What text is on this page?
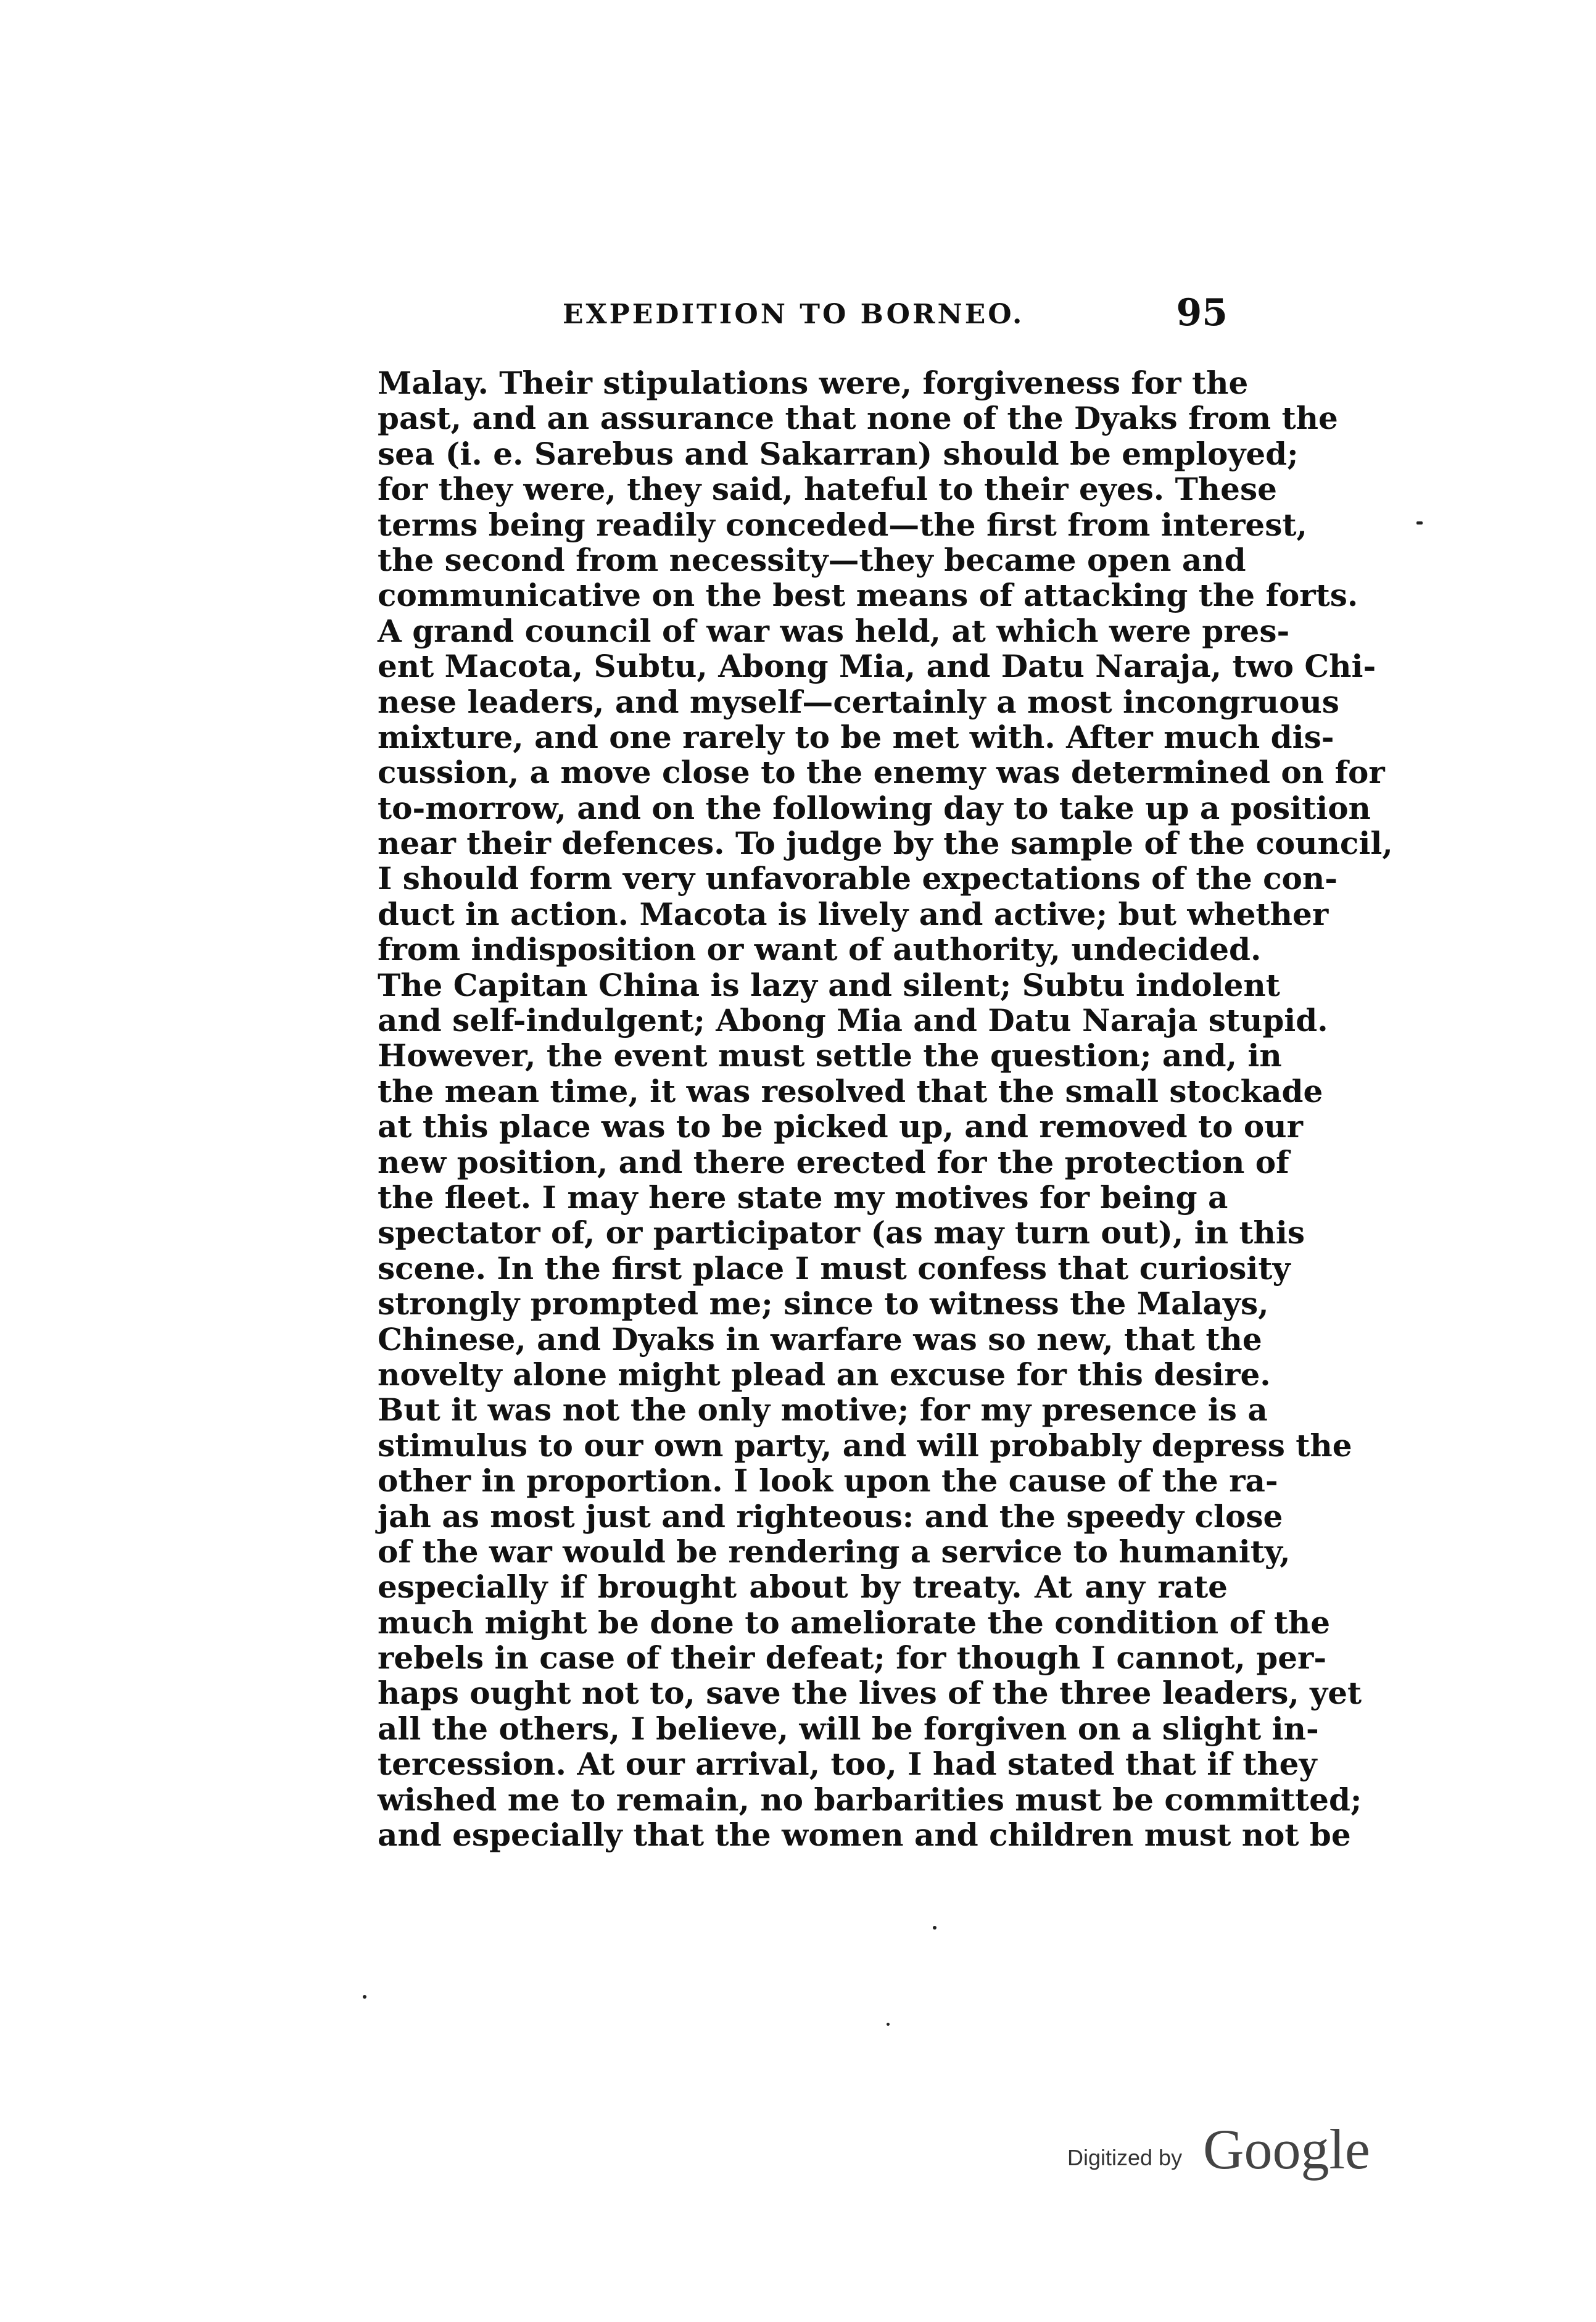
EXPEDITION TO BORNEO.	95
Malay. Their stipulations were, forgiveness for the
past, and an assurance that none of the Dyaks from the
sea (i. e. Sarebus and Sakarran) should be employed;
for they were, they said, hateful to their eyes. These
terms being readily conceded—the first from interest,
the second from necessity—they became open and
communicative on the best means of attacking the forts.
A grand council of war was held, at which were pres-
ent Macota, Subtu, Abong Mia, and Datu Naraja, two Chi-
nese leaders, and myself—certainly a most incongruous
mixture, and one rarely to be met with. After much dis-
cussion, a move close to the enemy was determined on for
to-morrow, and on the following day to take up a position
near their defences. To judge by the sample of the council,
I should form very unfavorable expectations of the con-
duct in action. Macota is lively and active; but whether
from indisposition or want of authority, undecided.
The Capitan China is lazy and silent; Subtu indolent
and self-indulgent; Abong Mia and Datu Naraja stupid.
However, the event must settle the question; and, in
the mean time, it was resolved that the small stockade
at this place was to be picked up, and removed to our
new position, and there erected for the protection of
the fleet. I may here state my motives for being a
spectator of, or participator (as may turn out), in this
scene. In the first place I must confess that curiosity
strongly prompted me; since to witness the Malays,
Chinese, and Dyaks in warfare was so new, that the
novelty alone might plead an excuse for this desire.
But it was not the only motive; for my presence is a
stimulus to our own party, and will probably depress the
other in proportion. I look upon the cause of the ra-
jah as most just and righteous: and the speedy close
of the war would be rendering a service to humanity,
especially if brought about by treaty. At any rate
much might be done to ameliorate the condition of the
rebels in case of their defeat; for though I cannot, per-
haps ought not to, save the lives of the three leaders, yet
all the others, I believe, will be forgiven on a slight in-
tercession. At our arrival, too, I had stated that if they
wished me to remain, no barbarities must be committed;
and especially that the women and children must not be
Digitized by Google
